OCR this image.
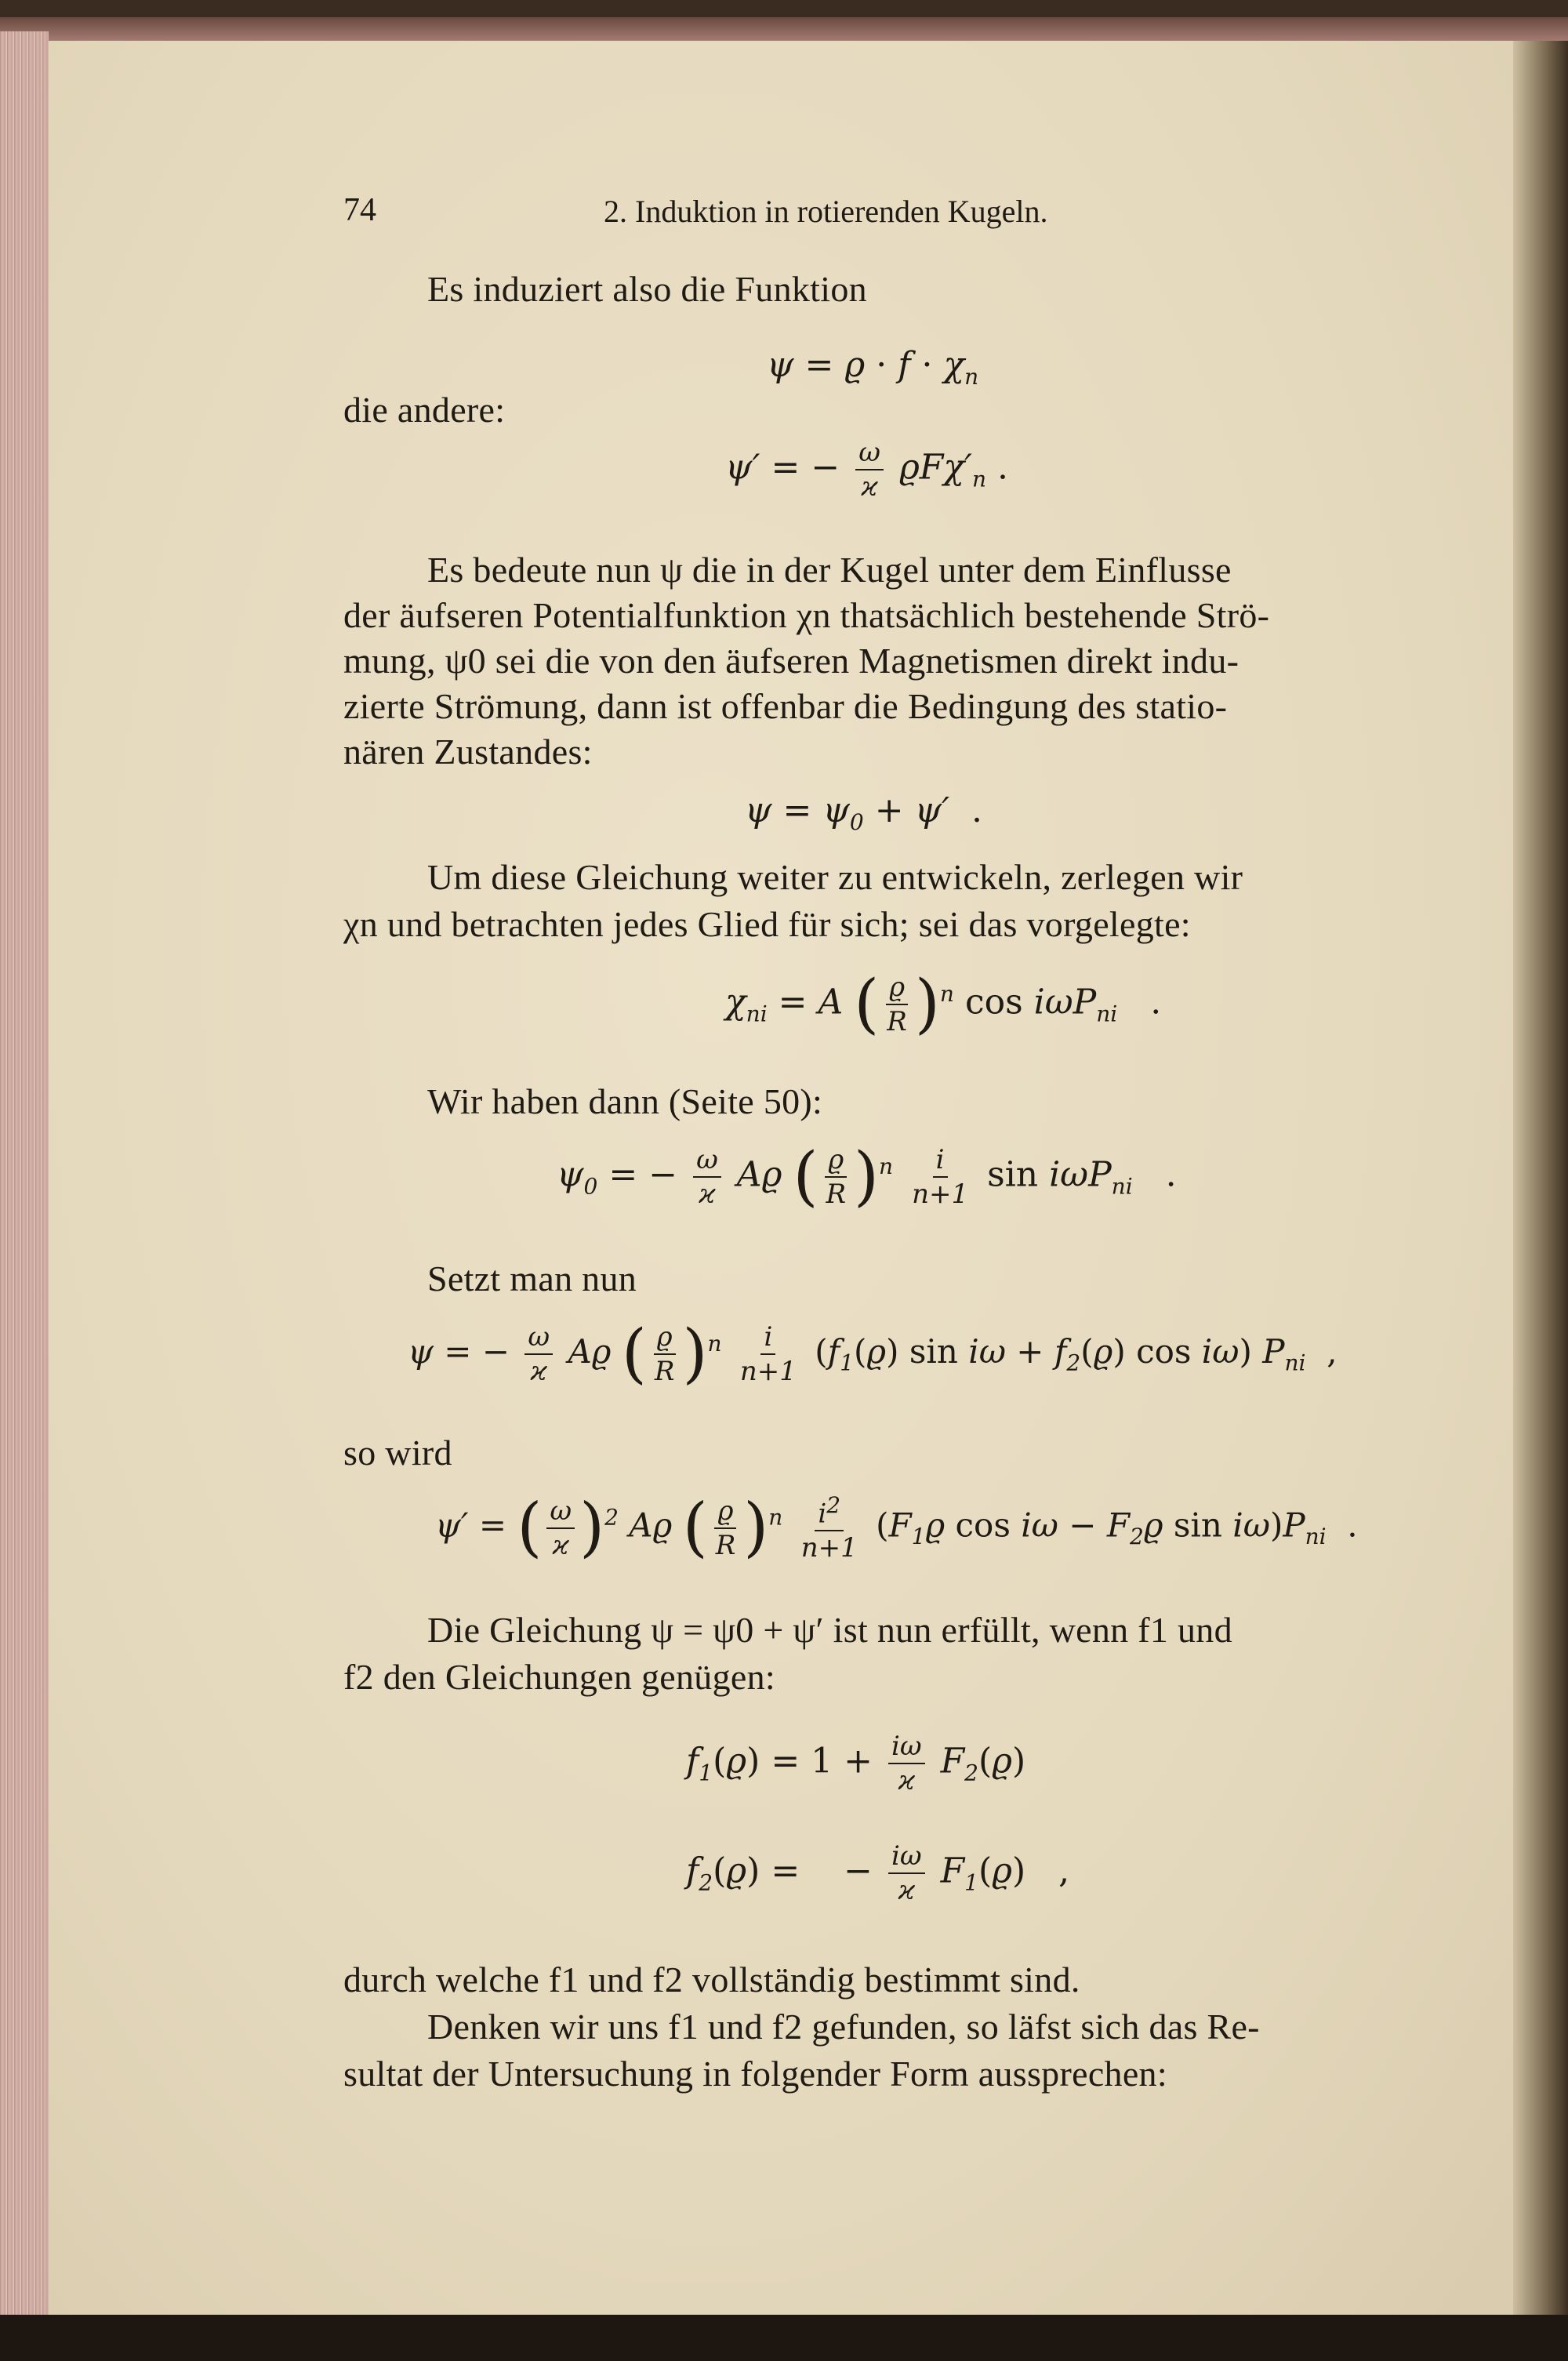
74	2. Induktion in rotierenden Kugeln.
Es induziert also die Funktion
$\psi = ϱ \cdot f \cdot \chi_n$
die andere:
ψ′ = − $\frac{\omega}{ϰ} ϱF\chi'_n$ .
Es bedeute nun ψ die in der Kugel unter dem Einflusse
der äufseren Potentialfunktion χn thatsächlich bestehende Strö-
mung, ψ0 sei die von den äufseren Magnetismen direkt indu-
zierte Strömung, dann ist offenbar die Bedingung des statio-
nären Zustandes:
$\psi = \psi_0 + \psi'$  .
Um diese Gleichung weiter zu entwickeln, zerlegen wir
χn und betrachten jedes Glied für sich; sei das vorgelegte:
$\chi_{ni} = A$ ( $\frac{ϱ}{R} )^n$ cos iωP$_{ni}$   .
Wir haben dann (Seite 50):
$\psi_0$ = − $\frac{\omega}{ϰ}$ Aϱ ( $\frac{ϱ}{R} )^n \frac{i}{n+1}$ sin iωP$_{ni}$   .
Setzt man nun
ψ = − $\frac{\omega}{ϰ}$ Aϱ ( $\frac{ϱ}{R} )^n \frac{i}{n+1} (f_1(ϱ)$ $\sin i\omega + f_2(ϱ)$ cos iω) $P_{ni}$  ,
so wird
ψ′ = ( $\frac{\omega}{ϰ} )^2$ Aϱ ( $\frac{ϱ}{R} )^n \frac{i^2}{n+1} (F_1ϱ$ $\cos i\omega - F_2ϱ$ $\sin i\omega)P_{ni}$  .
Die Gleichung ψ = ψ0 + ψ′ ist nun erfüllt, wenn f1 und
f2 den Gleichungen genügen:
$f_1(ϱ) = 1 + \frac{i\omega}{ϰ} F_2(ϱ)$
$f_2(ϱ)$ =    − $\frac{i\omega}{ϰ} F_1(ϱ)$   ,
durch welche f1 und f2 vollständig bestimmt sind.
Denken wir uns f1 und f2 gefunden, so läfst sich das Re-
sultat der Untersuchung in folgender Form aussprechen:
